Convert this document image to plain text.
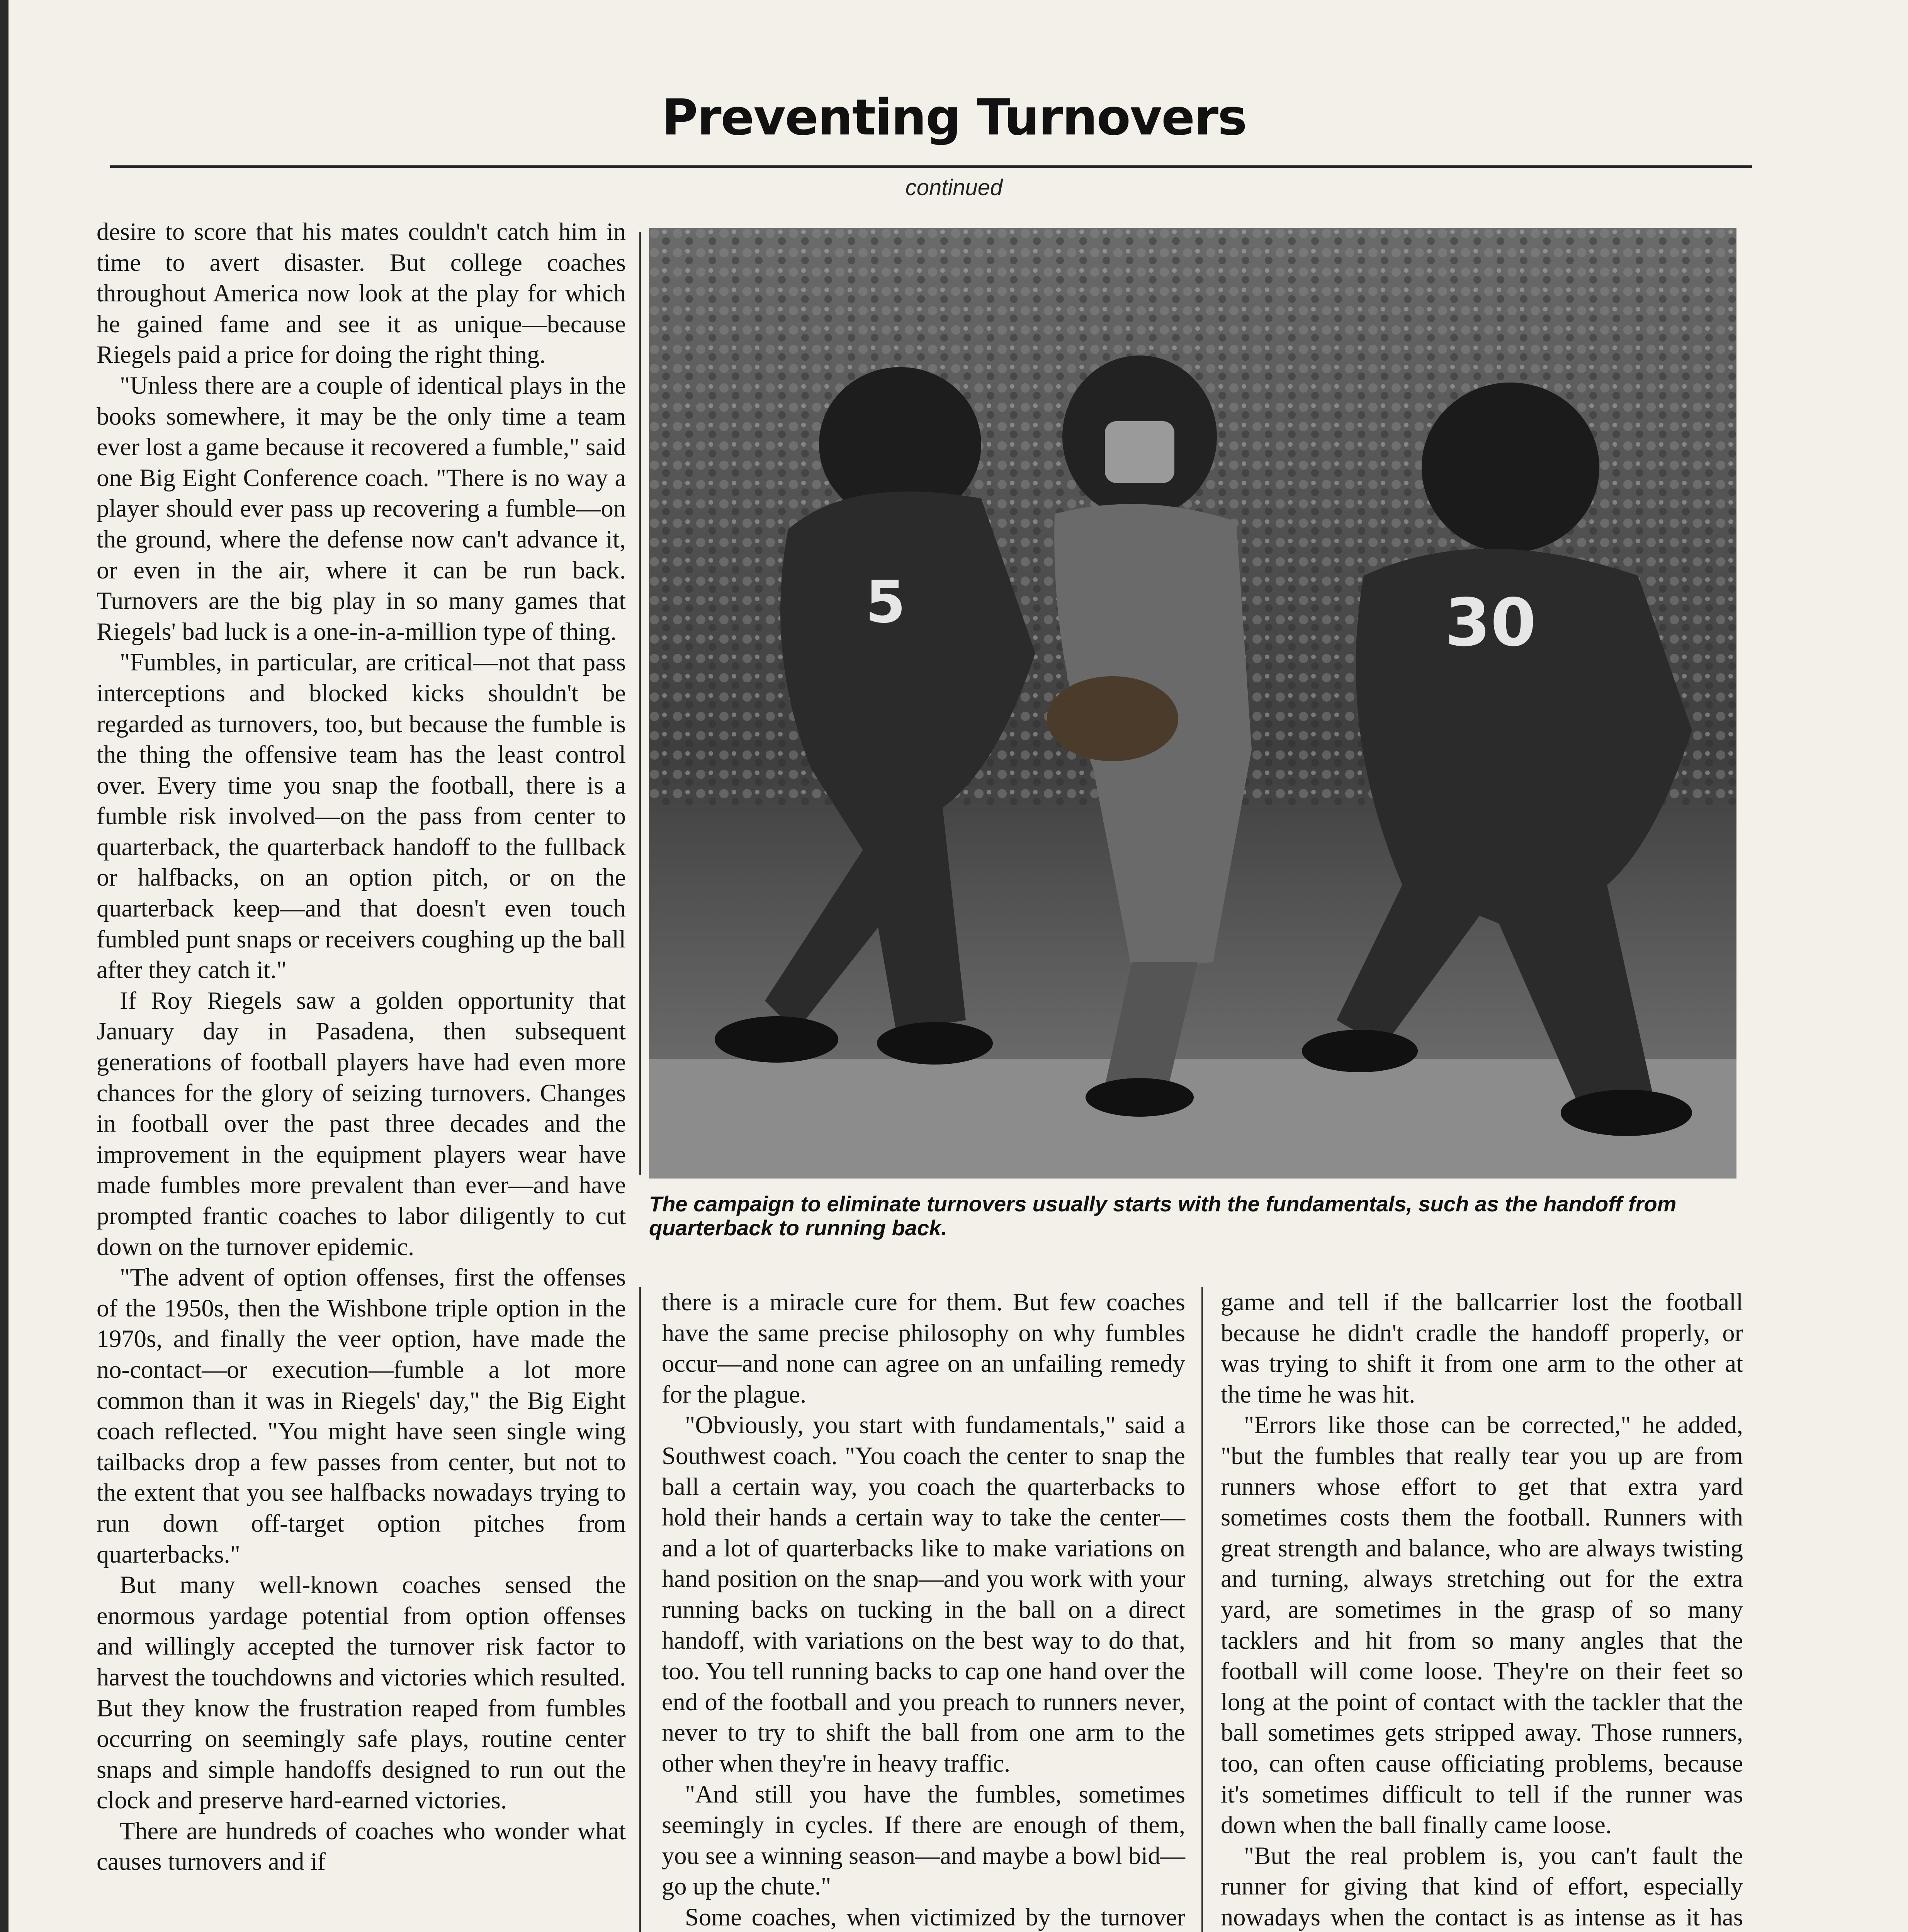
Preventing Turnovers
continued

desire to score that his mates couldn't catch him in time to avert disaster. But college coaches throughout America now look at the play for which he gained fame and see it as unique—because Riegels paid a price for doing the right thing.

"Unless there are a couple of identical plays in the books somewhere, it may be the only time a team ever lost a game because it recovered a fumble," said one Big Eight Conference coach. "There is no way a player should ever pass up recovering a fumble—on the ground, where the defense now can't advance it, or even in the air, where it can be run back. Turnovers are the big play in so many games that Riegels' bad luck is a one-in-a-million type of thing.

"Fumbles, in particular, are critical—not that pass interceptions and blocked kicks shouldn't be regarded as turnovers, too, but because the fumble is the thing the offensive team has the least control over. Every time you snap the football, there is a fumble risk involved—on the pass from center to quarterback, the quarterback handoff to the fullback or halfbacks, on an option pitch, or on the quarterback keep—and that doesn't even touch fumbled punt snaps or receivers coughing up the ball after they catch it."

If Roy Riegels saw a golden opportunity that January day in Pasadena, then subsequent generations of football players have had even more chances for the glory of seizing turnovers. Changes in football over the past three decades and the improvement in the equipment players wear have made fumbles more prevalent than ever—and have prompted frantic coaches to labor diligently to cut down on the turnover epidemic.

"The advent of option offenses, first the offenses of the 1950s, then the Wishbone triple option in the 1970s, and finally the veer option, have made the no-contact—or execution—fumble a lot more common than it was in Riegels' day," the Big Eight coach reflected. "You might have seen single wing tailbacks drop a few passes from center, but not to the extent that you see halfbacks nowadays trying to run down off-target option pitches from quarterbacks."

But many well-known coaches sensed the enormous yardage potential from option offenses and willingly accepted the turnover risk factor to harvest the touchdowns and victories which resulted. But they know the frustration reaped from fumbles occurring on seemingly safe plays, routine center snaps and simple handoffs designed to run out the clock and preserve hard-earned victories.

There are hundreds of coaches who wonder what causes turnovers and if

5	30
The campaign to eliminate turnovers usually starts with the fundamentals, such as the handoff from quarterback to running back.

there is a miracle cure for them. But few coaches have the same precise philosophy on why fumbles occur—and none can agree on an unfailing remedy for the plague.

"Obviously, you start with fundamentals," said a Southwest coach. "You coach the center to snap the ball a certain way, you coach the quarterbacks to hold their hands a certain way to take the center—and a lot of quarterbacks like to make variations on hand position on the snap—and you work with your running backs on tucking in the ball on a direct handoff, with variations on the best way to do that, too. You tell running backs to cap one hand over the end of the football and you preach to runners never, never to try to shift the ball from one arm to the other when they're in heavy traffic.

"And still you have the fumbles, sometimes seemingly in cycles. If there are enough of them, you see a winning season—and maybe a bowl bid—go up the chute."

Some coaches, when victimized by the turnover

game and tell if the ballcarrier lost the football because he didn't cradle the handoff properly, or was trying to shift it from one arm to the other at the time he was hit.

"Errors like those can be corrected," he added, "but the fumbles that really tear you up are from runners whose effort to get that extra yard sometimes costs them the football. Runners with great strength and balance, who are always twisting and turning, always stretching out for the extra yard, are sometimes in the grasp of so many tacklers and hit from so many angles that the football will come loose. They're on their feet so long at the point of contact with the tackler that the ball sometimes gets stripped away. Those runners, too, can often cause officiating problems, because it's sometimes difficult to tell if the runner was down when the ball finally came loose.

"But the real problem is, you can't fault the runner for giving that kind of effort, especially nowadays when the contact is as intense as it has
